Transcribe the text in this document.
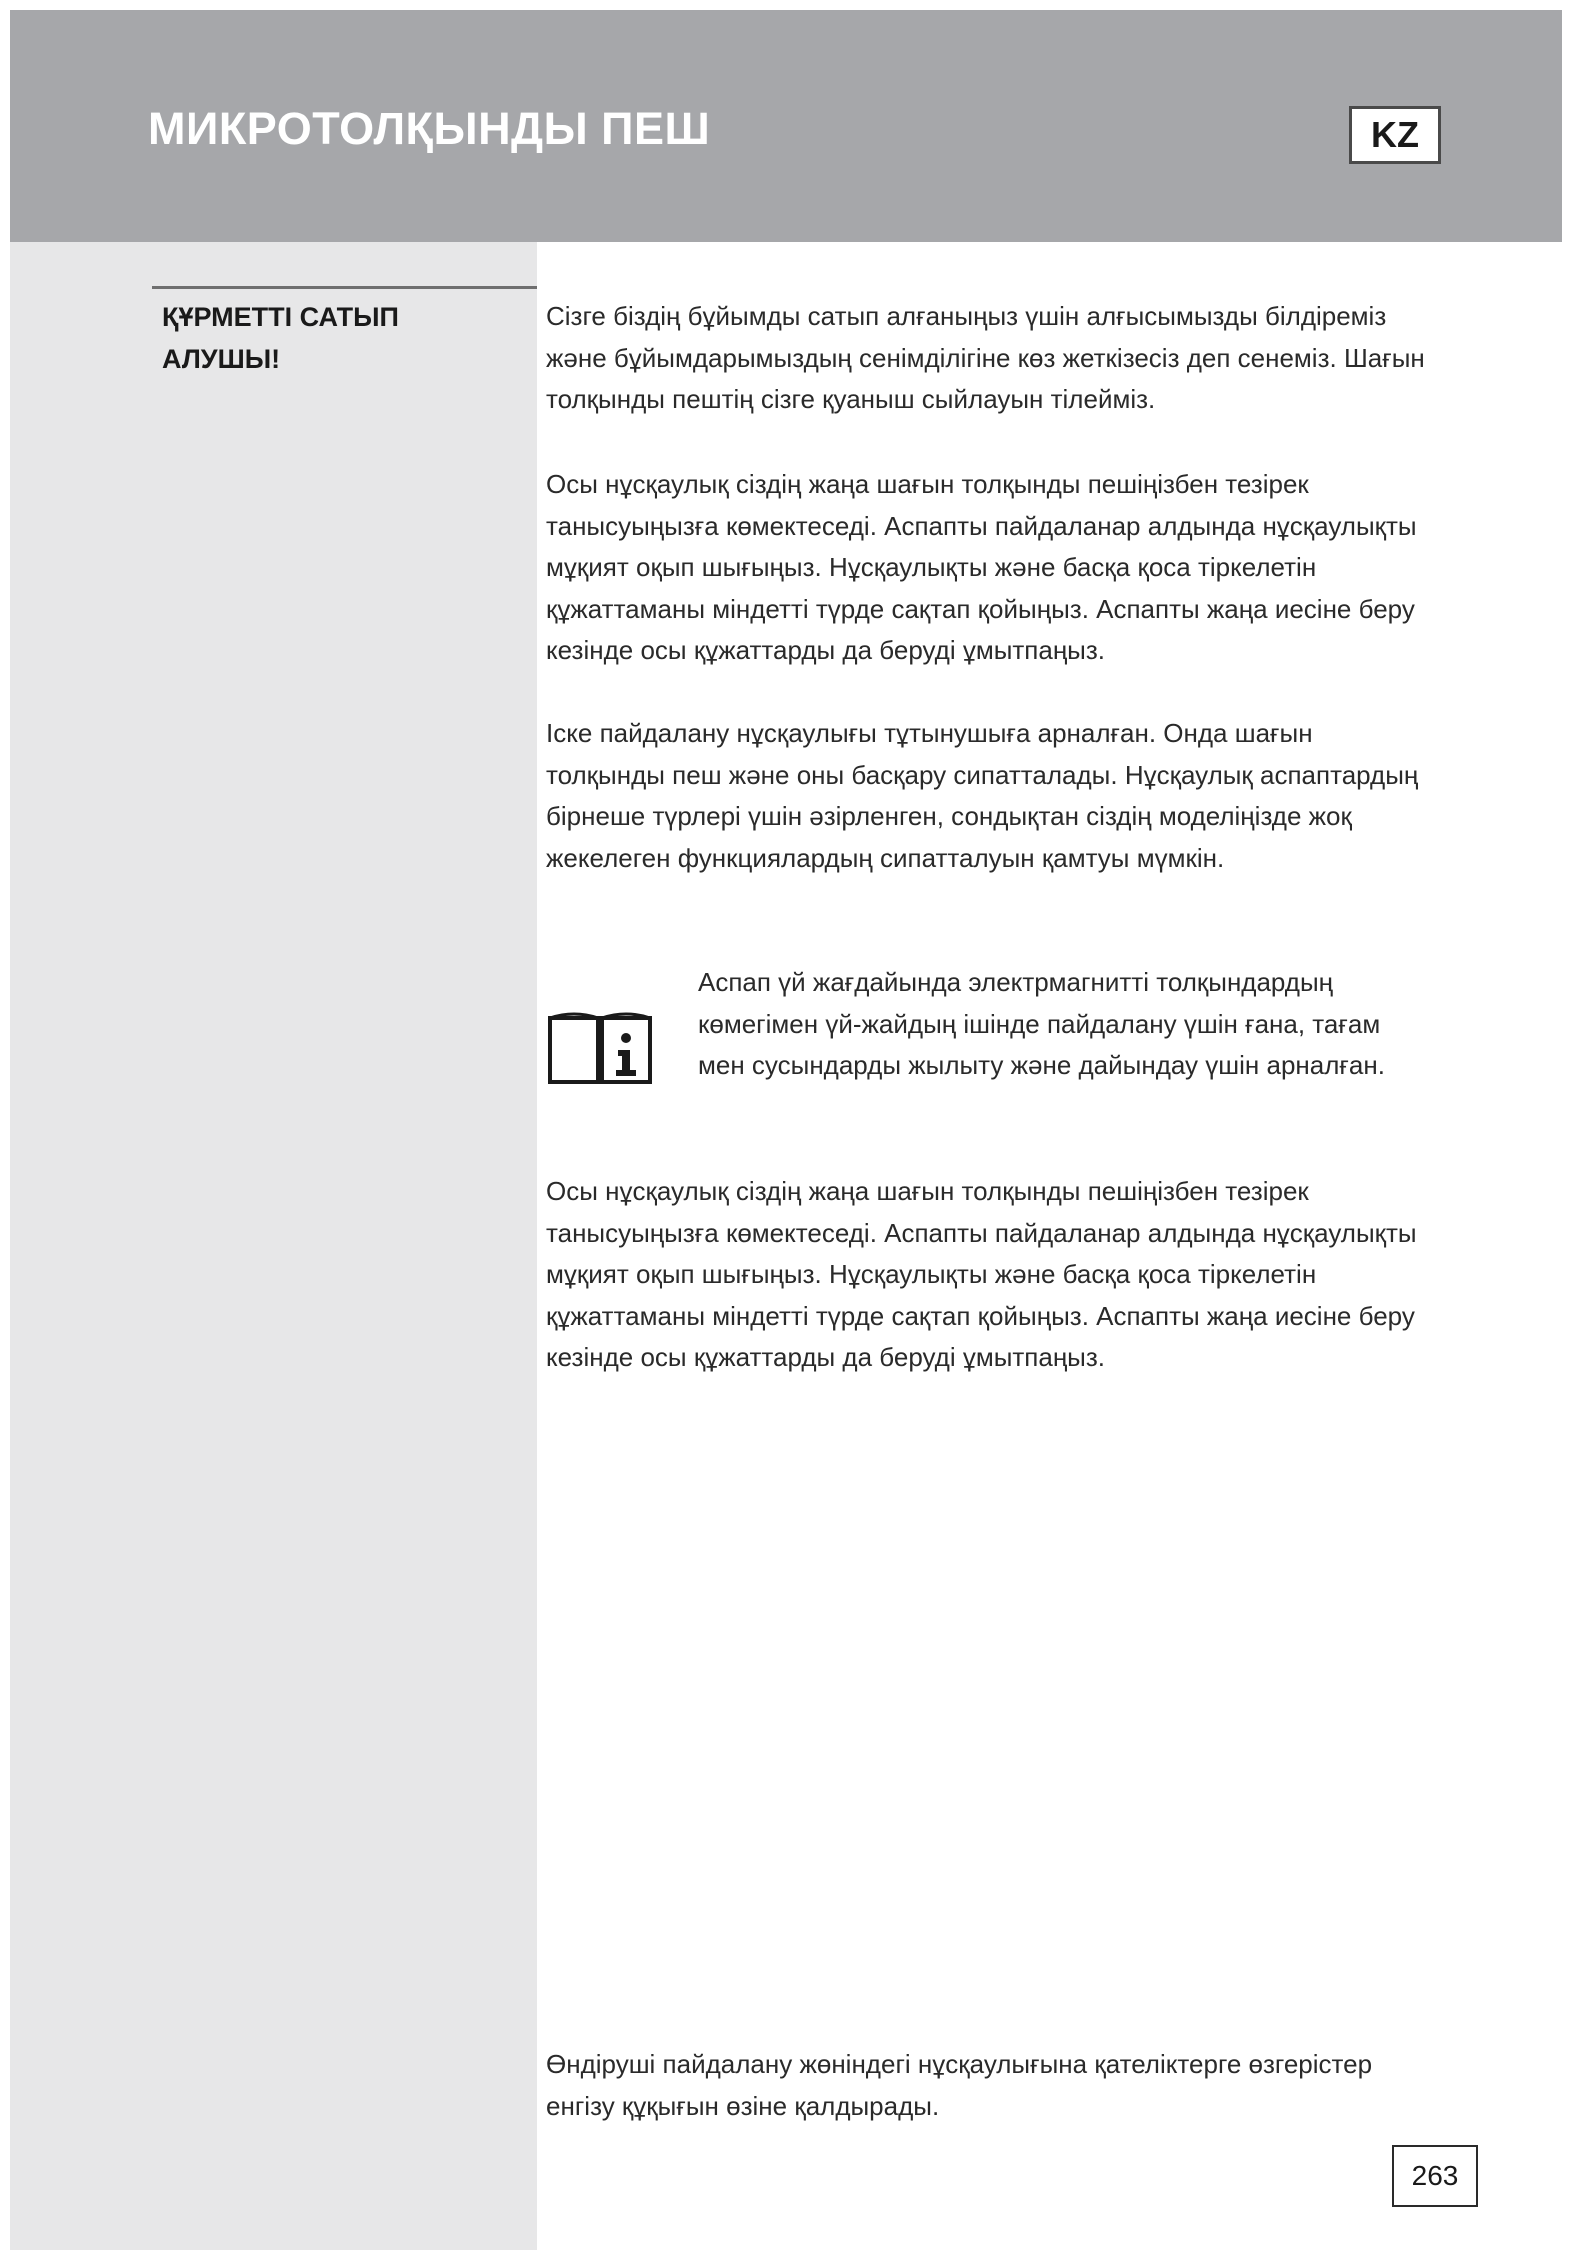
МИКРОТОЛҚЫНДЫ ПЕШ	KZ
ҚҰРМЕТТІ САТЫП АЛУШЫ!

Сізге біздің бұйымды сатып алғаныңыз үшін алғысымызды білдіреміз және бұйымдарымыздың сенімділігіне көз жеткізесіз деп сенеміз. Шағын толқынды пештің сізге қуаныш сыйлауын тілейміз.

Осы нұсқаулық сіздің жаңа шағын толқынды пешіңізбен тезірек танысуыңызға көмектеседі. Аспапты пайдаланар алдында нұсқаулықты мұқият оқып шығыңыз. Нұсқаулықты және басқа қоса тіркелетін құжаттаманы міндетті түрде сақтап қойыңыз. Аспапты жаңа иесіне беру кезінде осы құжаттарды да беруді ұмытпаңыз.

Іске пайдалану нұсқаулығы тұтынушыға арналған. Онда шағын толқынды пеш және оны басқару сипатталады. Нұсқаулық аспаптардың бірнеше түрлері үшін әзірленген, сондықтан сіздің моделіңізде жоқ жекелеген функциялардың сипатталуын қамтуы мүмкін.

Аспап үй жағдайында электрмагнитті толқындардың көмегімен үй-жайдың ішінде пайдалану үшін ғана, тағам мен сусындарды жылыту және дайындау үшін арналған.

Осы нұсқаулық сіздің жаңа шағын толқынды пешіңізбен тезірек танысуыңызға көмектеседі. Аспапты пайдаланар алдында нұсқаулықты мұқият оқып шығыңыз. Нұсқаулықты және басқа қоса тіркелетін құжаттаманы міндетті түрде сақтап қойыңыз. Аспапты жаңа иесіне беру кезінде осы құжаттарды да беруді ұмытпаңыз.

Өндіруші пайдалану жөніндегі нұсқаулығына қателіктерге өзгерістер енгізу құқығын өзіне қалдырады.

263
